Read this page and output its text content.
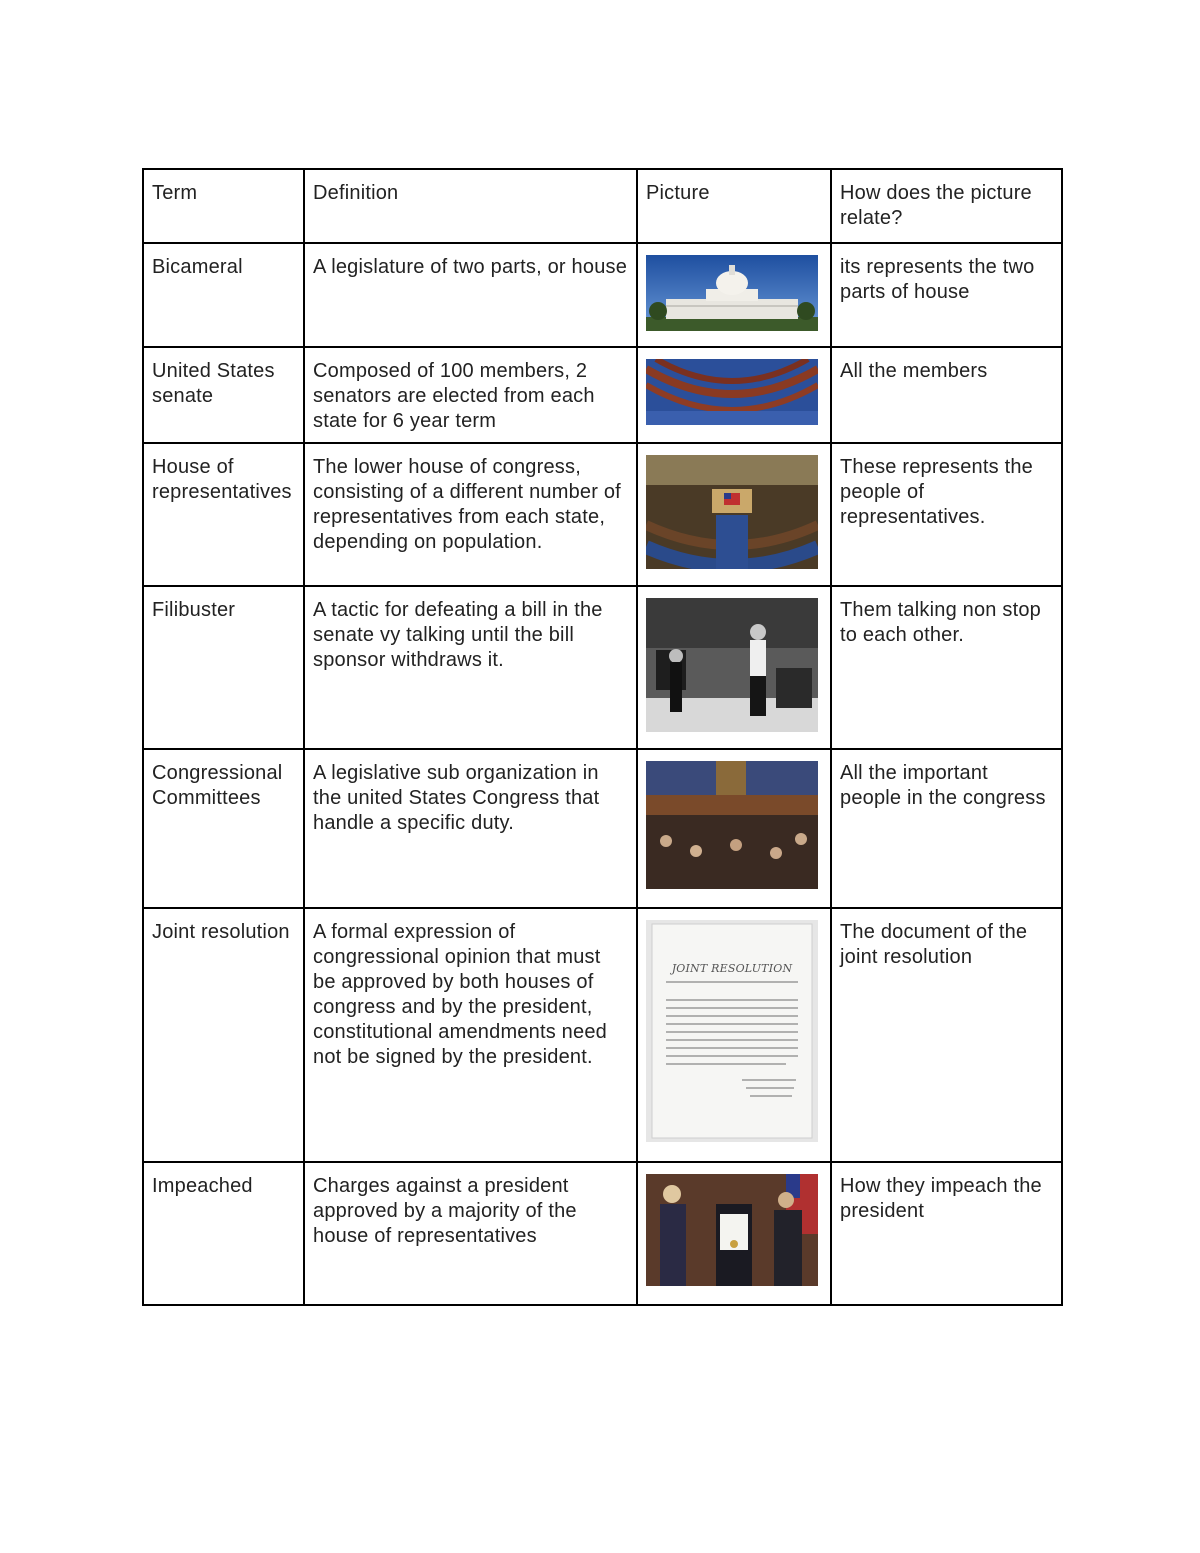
Term	Definition	Picture	How does the picture relate?
Bicameral	A legislature of two parts, or house		its represents the two parts of house
United States senate	Composed of 100 members, 2 senators are elected from each state for 6 year term		All the members
House of representatives	The lower house of congress, consisting of a different number of representatives from each state, depending on population.		These represents the people of representatives.
Filibuster	A tactic for defeating a bill in the senate vy talking until the bill sponsor withdraws it.		Them talking non stop to each other.
Congressional Committees	A legislative sub organization in the united States Congress that handle a specific duty.		All the important people in the congress
Joint resolution	A formal expression of congressional opinion that must be approved by both houses of congress and by the president, constitutional amendments need not be signed by the president.	JOINT RESOLUTION	The document of the joint resolution
Impeached	Charges against a president approved by a majority of the house of representatives		How they impeach the president
